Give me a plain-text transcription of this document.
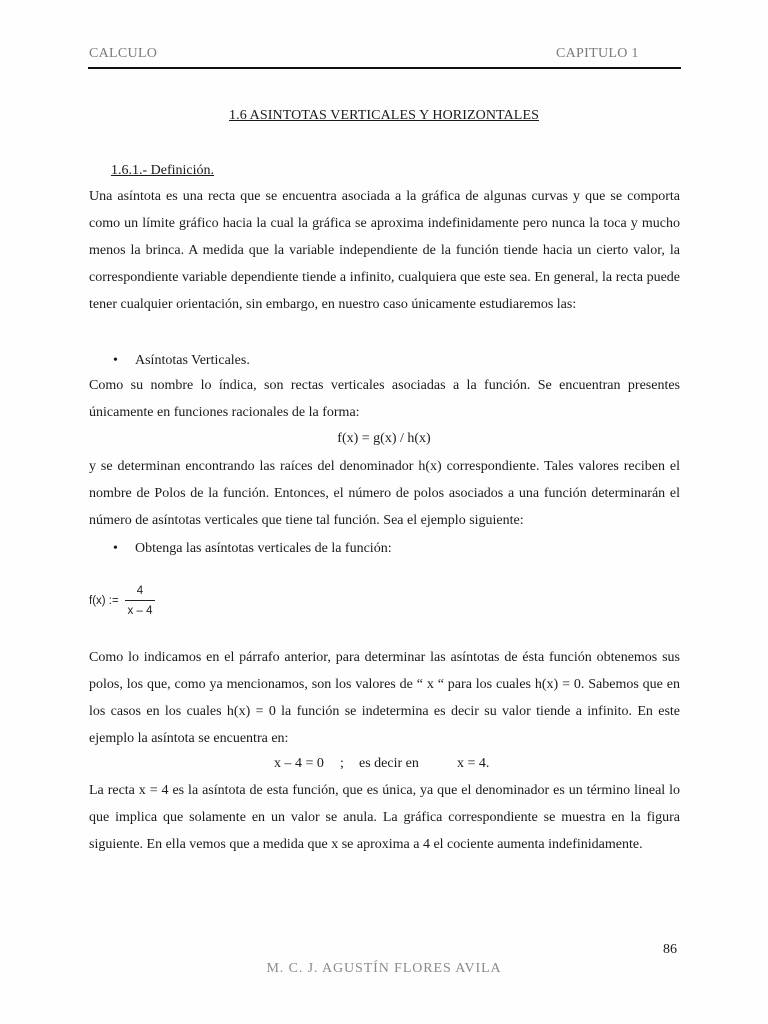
CALCULO	CAPITULO 1
1.6 ASINTOTAS VERTICALES Y HORIZONTALES
1.6.1.- Definición.

Una asíntota es una recta que se encuentra asociada a la gráfica de algunas curvas y que se comporta como un límite gráfico hacia la cual la gráfica se aproxima indefinidamente pero nunca la toca y mucho menos la brinca. A medida que la variable independiente de la función tiende hacia un cierto valor, la correspondiente variable dependiente tiende a infinito, cualquiera que este sea. En general, la recta puede tener cualquier orientación, sin embargo, en nuestro caso únicamente estudiaremos las:

• Asíntotas Verticales.

Como su nombre lo índica, son rectas verticales asociadas a la función. Se encuentran presentes únicamente en funciones racionales de la forma:

f(x) = g(x) / h(x)

y se determinan encontrando las raíces del denominador h(x) correspondiente. Tales valores reciben el nombre de Polos de la función. Entonces, el número de polos asociados a una función determinarán el número de asíntotas verticales que tiene tal función. Sea el ejemplo siguiente:

• Obtenga las asíntotas verticales de la función:
f(x) :=
4
x – 4

Como lo indicamos en el párrafo anterior, para determinar las asíntotas de ésta función obtenemos sus polos, los que, como ya mencionamos, son los valores de “ x “ para los cuales h(x) = 0. Sabemos que en los casos en los cuales h(x) = 0 la función se indetermina es decir su valor tiende a infinito. En este ejemplo la asíntota se encuentra en:

x – 4 = 0 ; es decir en	x = 4.

La recta x = 4 es la asíntota de esta función, que es única, ya que el denominador es un término lineal lo que implica que solamente en un valor se anula. La gráfica correspondiente se muestra en la figura siguiente. En ella vemos que a medida que x se aproxima a 4 el cociente aumenta indefinidamente.

86
M. C. J. AGUSTÍN FLORES AVILA
